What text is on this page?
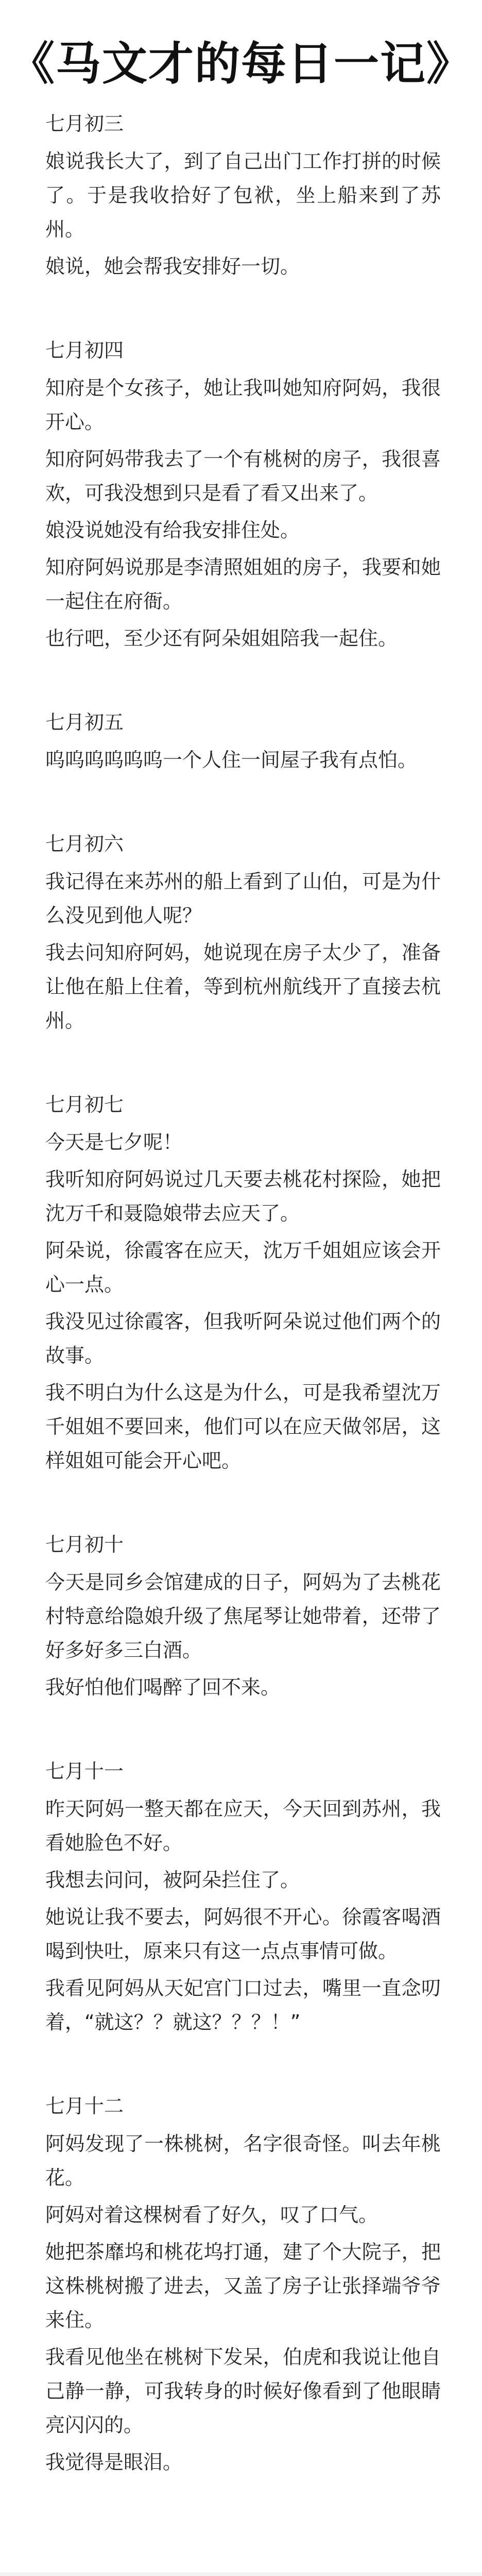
《马文才的每日一记》
七月初三
娘说我长大了，到了自己出门工作打拼的时候了。于是我收拾好了包袱，坐上船来到了苏州。
娘说，她会帮我安排好一切。
七月初四
知府是个女孩子，她让我叫她知府阿妈，我很开心。
知府阿妈带我去了一个有桃树的房子，我很喜欢，可我没想到只是看了看又出来了。
娘没说她没有给我安排住处。
知府阿妈说那是李清照姐姐的房子，我要和她一起住在府衙。
也行吧，至少还有阿朵姐姐陪我一起住。
七月初五
呜呜呜呜呜呜一个人住一间屋子我有点怕。
七月初六
我记得在来苏州的船上看到了山伯，可是为什么没见到他人呢？
我去问知府阿妈，她说现在房子太少了，准备让他在船上住着，等到杭州航线开了直接去杭州。
七月初七
今天是七夕呢！
我听知府阿妈说过几天要去桃花村探险，她把沈万千和聂隐娘带去应天了。
阿朵说，徐霞客在应天，沈万千姐姐应该会开心一点。
我没见过徐霞客，但我听阿朵说过他们两个的故事。
我不明白为什么这是为什么，可是我希望沈万千姐姐不要回来，他们可以在应天做邻居，这样姐姐可能会开心吧。
七月初十
今天是同乡会馆建成的日子，阿妈为了去桃花村特意给隐娘升级了焦尾琴让她带着，还带了好多好多三白酒。
我好怕他们喝醉了回不来。
七月十一
昨天阿妈一整天都在应天，今天回到苏州，我看她脸色不好。
我想去问问，被阿朵拦住了。
她说让我不要去，阿妈很不开心。徐霞客喝酒喝到快吐，原来只有这一点点事情可做。
我看见阿妈从天妃宫门口过去，嘴里一直念叨着，“就这？？就这？？？！”
七月十二
阿妈发现了一株桃树，名字很奇怪。叫去年桃花。
阿妈对着这棵树看了好久，叹了口气。
她把茶靡坞和桃花坞打通，建了个大院子，把这株桃树搬了进去，又盖了房子让张择端爷爷来住。
我看见他坐在桃树下发呆，伯虎和我说让他自己静一静，可我转身的时候好像看到了他眼睛亮闪闪的。
我觉得是眼泪。
